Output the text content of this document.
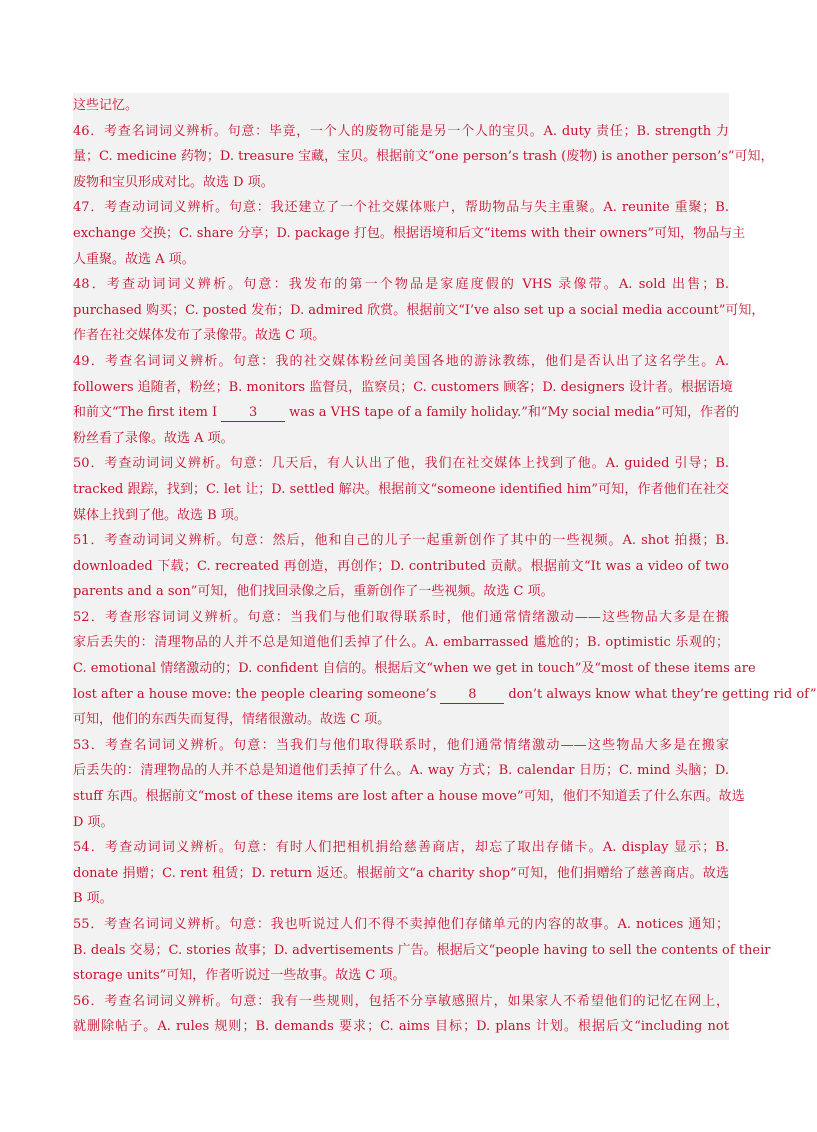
这些记忆。
46．考查名词词义辨析。句意：毕竟，一个人的废物可能是另一个人的宝贝。A. duty 责任；B. strength 力
量；C. medicine 药物；D. treasure 宝藏，宝贝。根据前文“one person’s trash (废物) is another person’s”可知，
废物和宝贝形成对比。故选 D 项。
47．考查动词词义辨析。句意：我还建立了一个社交媒体账户，帮助物品与失主重聚。A. reunite 重聚；B.
exchange 交换；C. share 分享；D. package 打包。根据语境和后文“items with their owners”可知，物品与主
人重聚。故选 A 项。
48．考查动词词义辨析。句意：我发布的第一个物品是家庭度假的 VHS 录像带。A. sold 出售；B.
purchased 购买；C. posted 发布；D. admired 欣赏。根据前文“I’ve also set up a social media account”可知，
作者在社交媒体发布了录像带。故选 C 项。
49．考查名词词义辨析。句意：我的社交媒体粉丝问美国各地的游泳教练，他们是否认出了这名学生。A.
followers 追随者，粉丝；B. monitors 监督员，监察员；C. customers 顾客；D. designers 设计者。根据语境
和前文“The first item I 3 was a VHS tape of a family holiday.”和“My social media”可知，作者的
粉丝看了录像。故选 A 项。
50．考查动词词义辨析。句意：几天后，有人认出了他，我们在社交媒体上找到了他。A. guided 引导；B.
tracked 跟踪，找到；C. let 让；D. settled 解决。根据前文“someone identified him”可知，作者他们在社交
媒体上找到了他。故选 B 项。
51．考查动词词义辨析。句意：然后，他和自己的儿子一起重新创作了其中的一些视频。A. shot 拍摄；B.
downloaded 下载；C. recreated 再创造，再创作；D. contributed 贡献。根据前文“It was a video of two
parents and a son”可知，他们找回录像之后，重新创作了一些视频。故选 C 项。
52．考查形容词词义辨析。句意：当我们与他们取得联系时，他们通常情绪激动——这些物品大多是在搬
家后丢失的：清理物品的人并不总是知道他们丢掉了什么。A. embarrassed 尴尬的；B. optimistic 乐观的；
C. emotional 情绪激动的；D. confident 自信的。根据后文“when we get in touch”及“most of these items are
lost after a house move: the people clearing someone’s 8 don’t always know what they’re getting rid of”
可知，他们的东西失而复得，情绪很激动。故选 C 项。
53．考查名词词义辨析。句意：当我们与他们取得联系时，他们通常情绪激动——这些物品大多是在搬家
后丢失的：清理物品的人并不总是知道他们丢掉了什么。A. way 方式；B. calendar 日历；C. mind 头脑；D.
stuff 东西。根据前文“most of these items are lost after a house move”可知，他们不知道丢了什么东西。故选
D 项。
54．考查动词词义辨析。句意：有时人们把相机捐给慈善商店，却忘了取出存储卡。A. display 显示；B.
donate 捐赠；C. rent 租赁；D. return 返还。根据前文“a charity shop”可知，他们捐赠给了慈善商店。故选
B 项。
55．考查名词词义辨析。句意：我也听说过人们不得不卖掉他们存储单元的内容的故事。A. notices 通知；
B. deals 交易；C. stories 故事；D. advertisements 广告。根据后文“people having to sell the contents of their
storage units”可知，作者听说过一些故事。故选 C 项。
56．考查名词词义辨析。句意：我有一些规则，包括不分享敏感照片，如果家人不希望他们的记忆在网上，
就删除帖子。A. rules 规则；B. demands 要求；C. aims 目标；D. plans 计划。根据后文“including not
